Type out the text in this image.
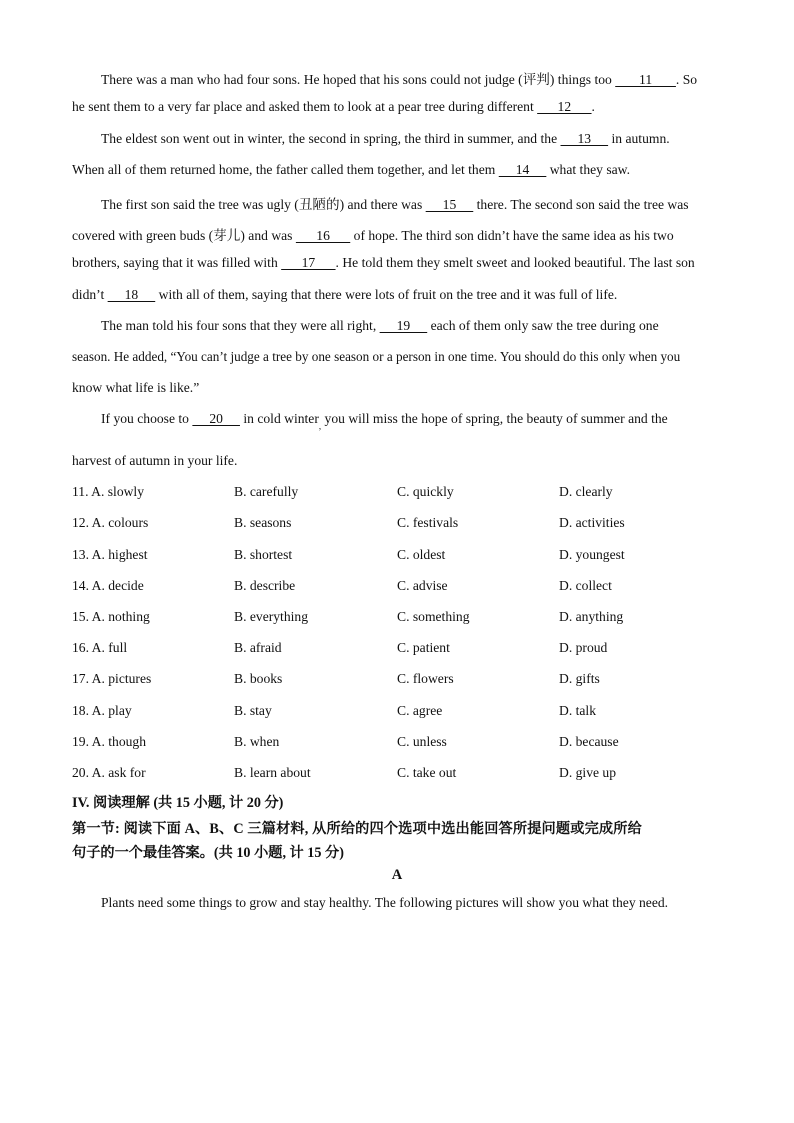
There was a man who had four sons. He hoped that his sons could not judge (评判) things too        11       . So
he sent them to a very far place and asked them to look at a pear tree during different       12      .
The eldest son went out in winter, the second in spring, the third in summer, and the      13      in autumn.
When all of them returned home, the father called them together, and let them      14      what they saw.
The first son said the tree was ugly (丑陋的) and there was      15      there. The second son said the tree was
covered with green buds (芽儿) and was       16       of hope. The third son didn’t have the same idea as his two
brothers, saying that it was filled with       17      . He told them they smelt sweet and looked beautiful. The last son
didn’t      18      with all of them, saying that there were lots of fruit on the tree and it was full of life.
The man told his four sons that they were all right,      19      each of them only saw the tree during one
season. He added, “You can’t judge a tree by one season or a person in one time. You should do this only when you
know what life is like.”
If you choose to      20      in cold winter$_,$ you will miss the hope of spring, the beauty of summer and the
harvest of autumn in your life.
11. A. slowly	B. carefully	C. quickly	D. clearly
12. A. colours	B. seasons	C. festivals	D. activities
13. A. highest	B. shortest	C. oldest	D. youngest
14. A. decide	B. describe	C. advise	D. collect
15. A. nothing	B. everything	C. something	D. anything
16. A. full	B. afraid	C. patient	D. proud
17. A. pictures	B. books	C. flowers	D. gifts
18. A. play	B. stay	C. agree	D. talk
19. A. though	B. when	C. unless	D. because
20. A. ask for	B. learn about	C. take out	D. give up
IV. 阅读理解 (共 15 小题, 计 20 分)
第一节: 阅读下面 A、B、C 三篇材料, 从所给的四个选项中选出能回答所提问题或完成所给
句子的一个最佳答案。(共 10 小题, 计 15 分)
A
Plants need some things to grow and stay healthy. The following pictures will show you what they need.
